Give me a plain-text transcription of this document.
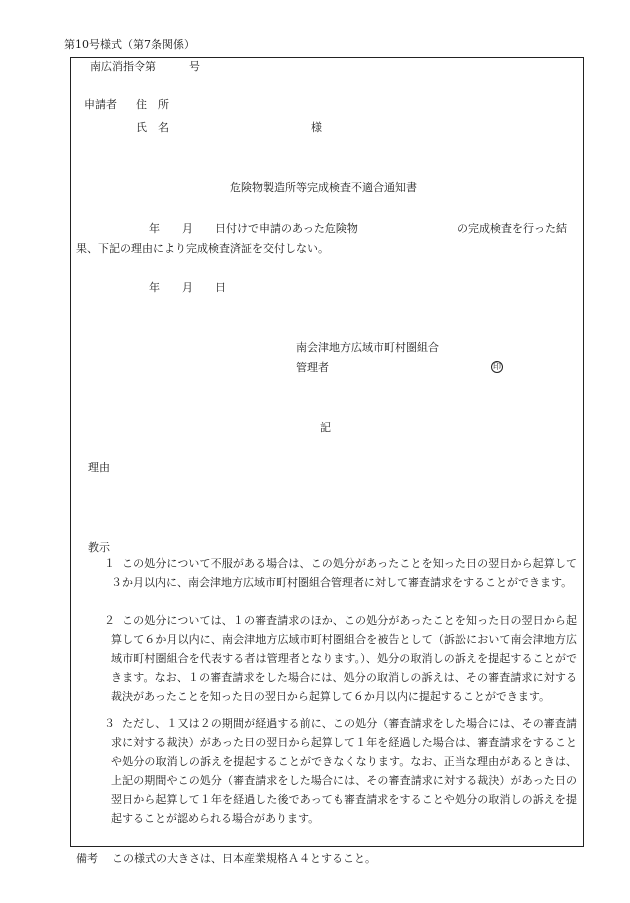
第10号様式（第7条関係）
南広消指令第　　　号
申請者 住　所
氏　名	様
危険物製造所等完成検査不適合通知書
年　　月　　日付けで申請のあった危険物	の完成検査を行った結
果、下記の理由により完成検査済証を交付しない。
年　　月　　日
南会津地方広域市町村圏組合
管理者	印
記
理由
教示
１ この処分について不服がある場合は、この処分があったことを知った日の翌日から起算して３か月以内に、南会津地方広域市町村圏組合管理者に対して審査請求をすることができます。
２ この処分については、１の審査請求のほか、この処分があったことを知った日の翌日から起算して６か月以内に、南会津地方広域市町村圏組合を被告として（訴訟において南会津地方広域市町村圏組合を代表する者は管理者となります。）、処分の取消しの訴えを提起することができます。なお、１の審査請求をした場合には、処分の取消しの訴えは、その審査請求に対する裁決があったことを知った日の翌日から起算して６か月以内に提起することができます。
３ ただし、１又は２の期間が経過する前に、この処分（審査請求をした場合には、その審査請求に対する裁決）があった日の翌日から起算して１年を経過した場合は、審査請求をすることや処分の取消しの訴えを提起することができなくなります。なお、正当な理由があるときは、上記の期間やこの処分（審査請求をした場合には、その審査請求に対する裁決）があった日の翌日から起算して１年を経過した後であっても審査請求をすることや処分の取消しの訴えを提起することが認められる場合があります。
備考 この様式の大きさは、日本産業規格Ａ４とすること。
